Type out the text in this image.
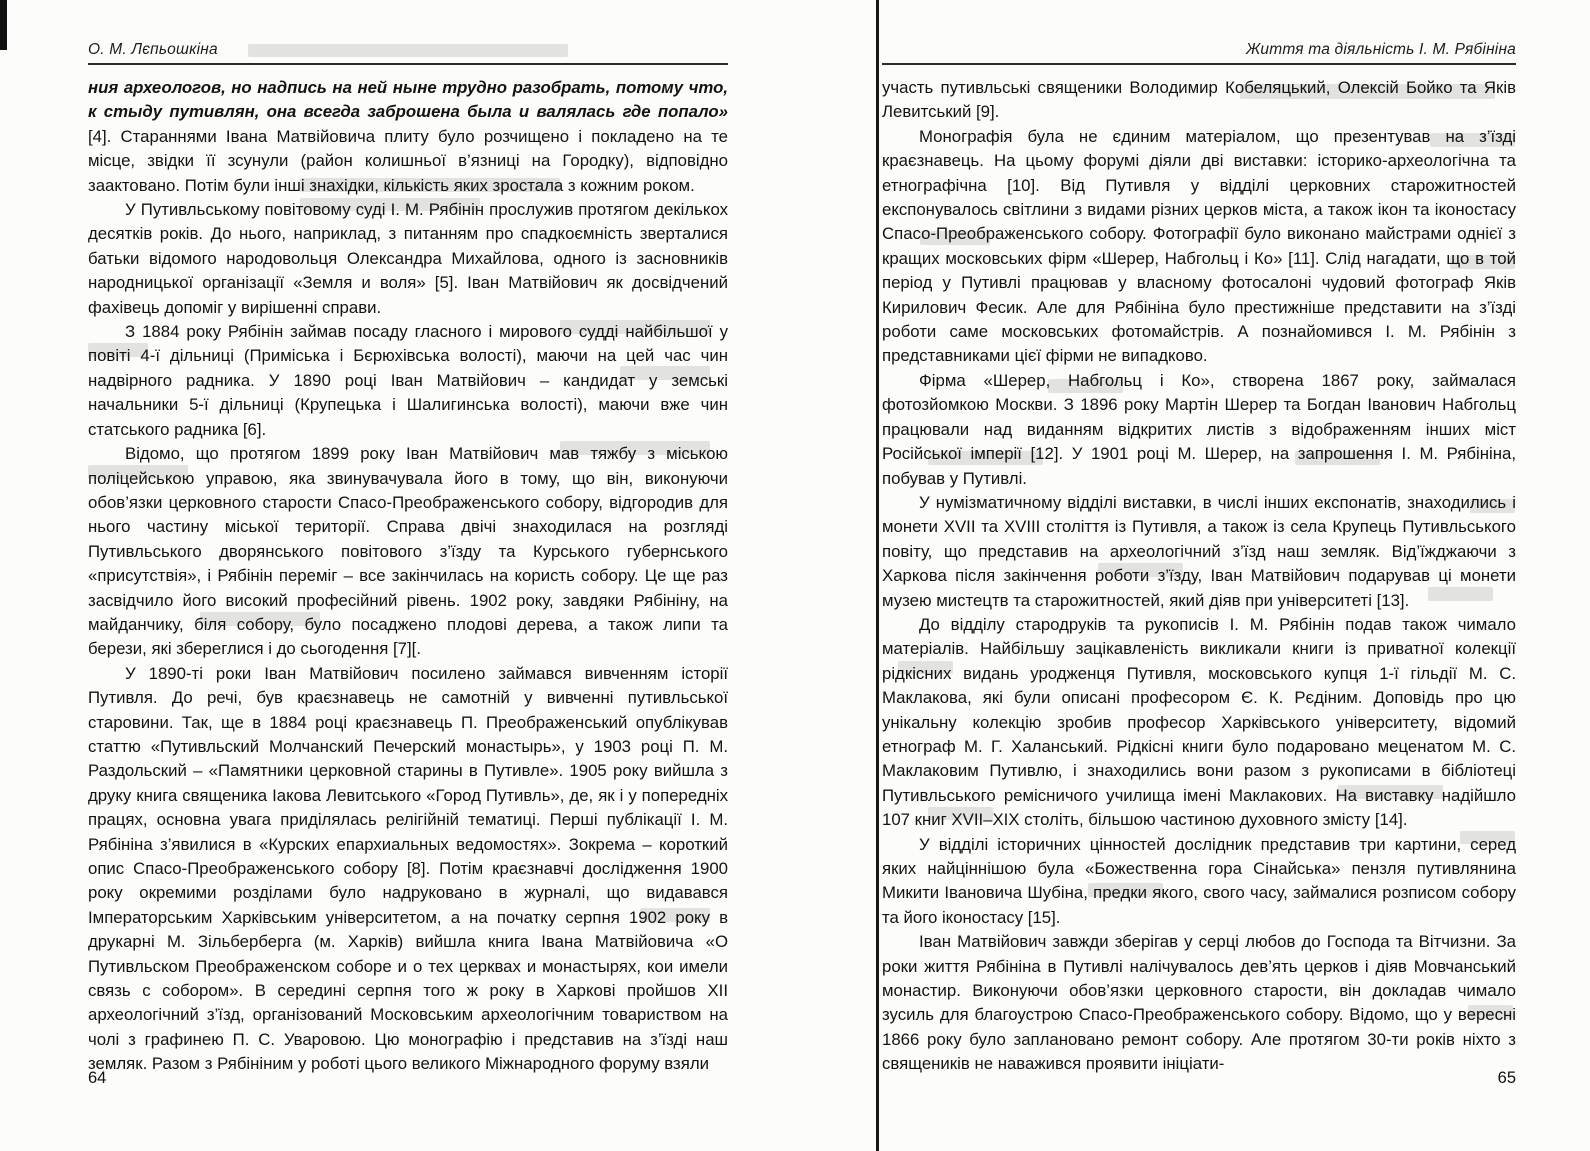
О. М. Лєпьошкіна

ния археологов, но надпись на ней ныне трудно разобрать, потому что, к стыду путивлян, она всегда заброшена была и валялась где попало» [4]. Стараннями Івана Матвійовича плиту було розчищено і покладено на те місце, звідки її зсунули (район колишньої в’язниці на Городку), відповідно заактовано. Потім були інші знахідки, кількість яких зростала з кожним роком.

У Путивльському повітовому суді І. М. Рябінін прослужив протягом декількох десятків років. До нього, наприклад, з питанням про спадкоємність зверталися батьки відомого народовольця Олександра Михайлова, одного із засновників народницької організації «Земля и воля» [5]. Іван Матвійович як досвідчений фахівець допоміг у вирішенні справи.

З 1884 року Рябінін займав посаду гласного і мирового судді найбільшої у повіті 4-ї дільниці (Приміська і Бєрюхівська волості), маючи на цей час чин надвірного радника. У 1890 році Іван Матвійович – кандидат у земські начальники 5-ї дільниці (Крупецька і Шалигинська волості), маючи вже чин статського радника [6].

Відомо, що протягом 1899 року Іван Матвійович мав тяжбу з міською поліцейською управою, яка звинувачувала його в тому, що він, виконуючи обов’язки церковного старости Спасо-Преображенського собору, відгородив для нього частину міської території. Справа двічі знаходилася на розгляді Путивльського дворянського повітового з’їзду та Курського губернського «присутствія», і Рябінін переміг – все закінчилась на користь собору. Це ще раз засвідчило його високий професійний рівень. 1902 року, завдяки Рябініну, на майданчику, біля собору, було посаджено плодові дерева, а також липи та берези, які збереглися і до сьогодення [7][.

У 1890-ті роки Іван Матвійович посилено займався вивченням історії Путивля. До речі, був краєзнавець не самотній у вивченні путивльської старовини. Так, ще в 1884 році краєзнавець П. Преображенський опублікував статтю «Путивльский Молчанский Печерский монастырь», у 1903 році П. М. Раздольский – «Памятники церковной старины в Путивле». 1905 року вийшла з друку книга священика Іакова Левитського «Город Путивль», де, як і у попередніх працях, основна увага приділялась релігійній тематиці. Перші публікації І. М. Рябініна з’явилися в «Курских епархиальных ведомостях». Зокрема – короткий опис Спасо-Преображенського собору [8]. Потім краєзнавчі дослідження 1900 року окремими розділами було надруковано в журналі, що видавався Імператорським Харківським університетом, а на початку серпня 1902 року в друкарні М. Зільберберга (м. Харків) вийшла книга Івана Матвійовича «О Путивльском Преображенском соборе и о тех церквах и монастырях, кои имели связь с собором». В середині серпня того ж року в Харкові пройшов XII археологічний з’їзд, організований Московським археологічним товариством на чолі з графинею П. С. Уваровою. Цю монографію і представив на з’їзді наш земляк. Разом з Рябініним у роботі цього великого Міжнародного форуму взяли

64
Життя та діяльність І. М. Рябініна

участь путивльські священики Володимир Кобеляцький, Олексій Бойко та Яків Левитський [9].

Монографія була не єдиним матеріалом, що презентував на з’їзді краєзнавець. На цьому форумі діяли дві виставки: історико-археологічна та етнографічна [10]. Від Путивля у відділі церковних старожитностей експонувалось світлини з видами різних церков міста, а також ікон та іконостасу Спасо-Преображенського собору. Фотографії було виконано майстрами однієї з кращих московських фірм «Шерер, Набгольц і Ко» [11]. Слід нагадати, що в той період у Путивлі працював у власному фотосалоні чудовий фотограф Яків Кирилович Фесик. Але для Рябініна було престижніше представити на з’їзді роботи саме московських фотомайстрів. А познайомився І. М. Рябінін з представниками цієї фірми не випадково.

Фірма «Шерер, Набгольц і Ко», створена 1867 року, займалася фотозйомкою Москви. З 1896 року Мартін Шерер та Богдан Іванович Набгольц працювали над виданням відкритих листів з відображенням інших міст Російської імперії [12]. У 1901 році М. Шерер, на запрошення І. М. Рябініна, побував у Путивлі.

У нумізматичному відділі виставки, в числі інших експонатів, знаходились і монети XVII та XVIII століття із Путивля, а також із села Крупець Путивльського повіту, що представив на археологічний з’їзд наш земляк. Від’їжджаючи з Харкова після закінчення роботи з’їзду, Іван Матвійович подарував ці монети музею мистецтв та старожитностей, який діяв при університеті [13].

До відділу стародруків та рукописів І. М. Рябінін подав також чимало матеріалів. Найбільшу зацікавленість викликали книги із приватної колекції рідкісних видань уродженця Путивля, московського купця 1-ї гільдії М. С. Маклакова, які були описані професором Є. К. Рєдіним. Доповідь про цю унікальну колекцію зробив професор Харківського університету, відомий етнограф М. Г. Халанський. Рідкісні книги було подаровано меценатом М. С. Маклаковим Путивлю, і знаходились вони разом з рукописами в бібліотеці Путивльського ремісничого училища імені Маклакових. На виставку надійшло 107 книг XVII–XIX століть, більшою частиною духовного змісту [14].

У відділі історичних цінностей дослідник представив три картини, серед яких найціннішою була «Божественна гора Сінайська» пензля путивлянина Микити Івановича Шубіна, предки якого, свого часу, займалися розписом собору та його іконостасу [15].

Іван Матвійович завжди зберігав у серці любов до Господа та Вітчизни. За роки життя Рябініна в Путивлі налічувалось дев’ять церков і діяв Мовчанський монастир. Виконуючи обов’язки церковного старости, він докладав чимало зусиль для благоустрою Спасо-Преображенського собору. Відомо, що у вересні 1866 року було заплановано ремонт собору. Але протягом 30-ти років ніхто з священиків не наважився проявити ініціати-

65
